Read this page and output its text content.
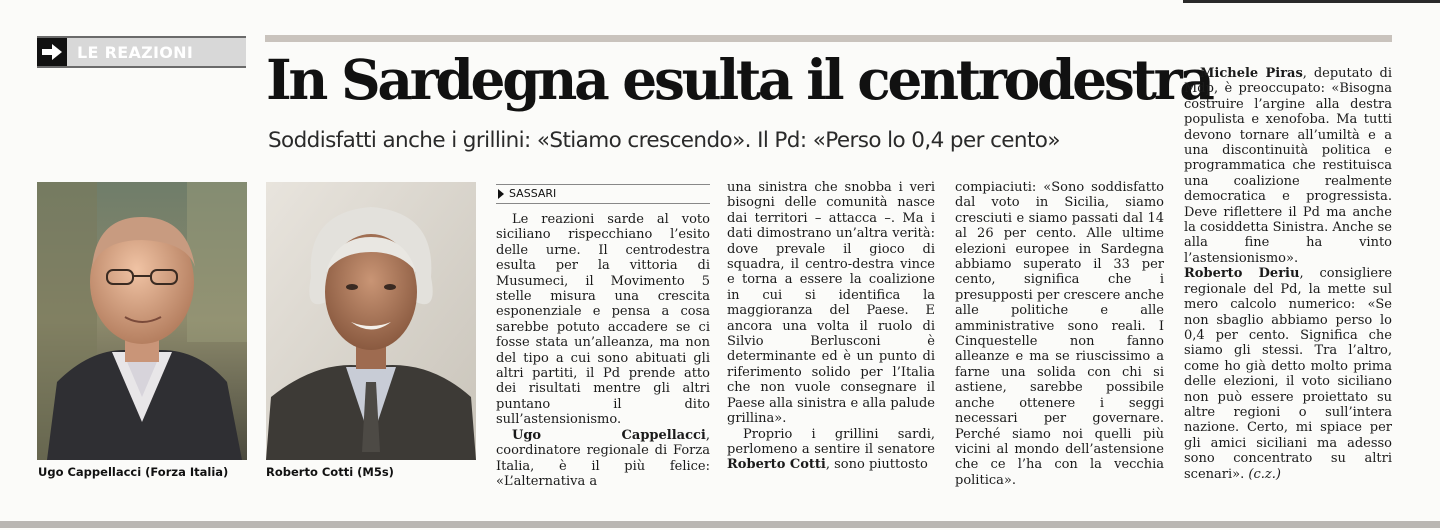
LE REAZIONI	In Sardegna esulta il centrodestra
Soddisfatti anche i grillini: «Stiamo crescendo». Il Pd: «Perso lo 0,4 per cento»
Ugo Cappellacci (Forza Italia)	Roberto Cotti (M5s)
SASSARI

Le reazioni sarde al voto siciliano rispecchiano l’esito delle urne. Il centrodestra esulta per la vittoria di Musumeci, il Movimento 5 stelle misura una crescita esponenziale e pensa a cosa sarebbe potuto accadere se ci fosse stata un’alleanza, ma non del tipo a cui sono abituati gli altri partiti, il Pd prende atto dei risultati mentre gli altri puntano il dito sull’astensionismo.

Ugo Cappellacci, coordinatore regionale di Forza Italia, è il più felice: «L’alternativa a

una sinistra che snobba i veri bisogni delle comunità nasce dai territori – attacca –. Ma i dati dimostrano un’altra verità: dove prevale il gioco di squadra, il centro-destra vince e torna a essere la coalizione in cui si identifica la maggioranza del Paese. E ancora una volta il ruolo di Silvio Berlusconi è determinante ed è un punto di riferimento solido per l’Italia che non vuole consegnare il Paese alla sinistra e alla palude grillina».

Proprio i grillini sardi, perlomeno a sentire il senatore Roberto Cotti, sono piuttosto

compiaciuti: «Sono soddisfatto dal voto in Sicilia, siamo cresciuti e siamo passati dal 14 al 26 per cento. Alle ultime elezioni europee in Sardegna abbiamo superato il 33 per cento, significa che i presupposti per crescere anche alle politiche e alle amministrative sono reali. I Cinquestelle non fanno alleanze e ma se riuscissimo a farne una solida con chi si astiene, sarebbe possibile anche ottenere i seggi necessari per governare. Perché siamo noi quelli più vicini al mondo dell’astensione che ce l’ha con la vecchia politica».

Michele Piras, deputato di Mdp, è preoccupato: «Bisogna costruire l’argine alla destra populista e xenofoba. Ma tutti devono tornare all’umiltà e a una discontinuità politica e programmatica che restituisca una coalizione realmente democratica e progressista. Deve riflettere il Pd ma anche la cosiddetta Sinistra. Anche se alla fine ha vinto l’astensionismo».

Roberto Deriu, consigliere regionale del Pd, la mette sul mero calcolo numerico: «Se non sbaglio abbiamo perso lo 0,4 per cento. Significa che siamo gli stessi. Tra l’altro, come ho già detto molto prima delle elezioni, il voto siciliano non può essere proiettato su altre regioni o sull’intera nazione. Certo, mi spiace per gli amici siciliani ma adesso sono concentrato su altri scenari». (c.z.)
